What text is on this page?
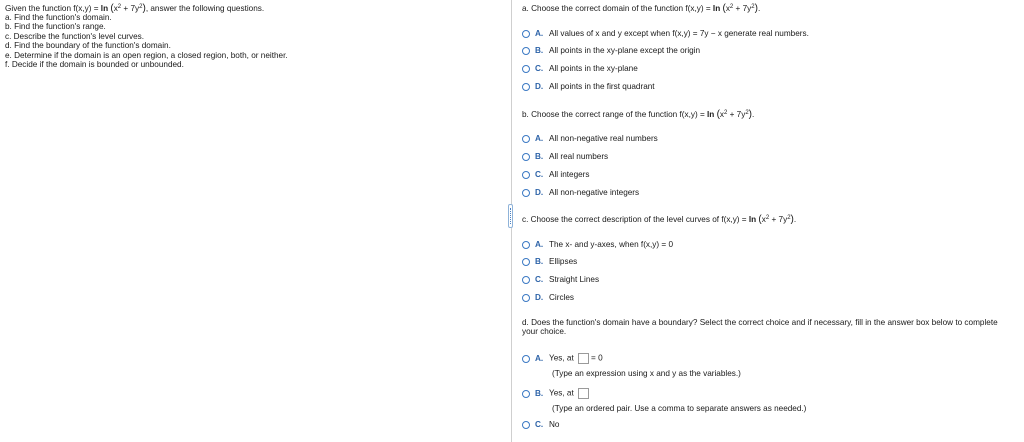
Given the function $f(x,y) = \ln (x^2 + 7y^2)$, answer the following questions.
a. Find the function's domain.
b. Find the function's range.
c. Describe the function's level curves.
d. Find the boundary of the function's domain.
e. Determine if the domain is an open region, a closed region, both, or neither.
f. Decide if the domain is bounded or unbounded.
a. Choose the correct domain of the function $f(x,y) = \ln (x^2 + 7y^2)$.
A. All values of x and y except when f(x,y) = 7y − x generate real numbers.
B. All points in the xy-plane except the origin
C. All points in the xy-plane
D. All points in the first quadrant
b. Choose the correct range of the function $f(x,y) = \ln (x^2 + 7y^2)$.
A. All non-negative real numbers
B. All real numbers
C. All integers
D. All non-negative integers
c. Choose the correct description of the level curves of $f(x,y) = \ln (x^2 + 7y^2)$.
A. The x- and y-axes, when f(x,y) = 0
B. Ellipses
C. Straight Lines
D. Circles
d. Does the function's domain have a boundary? Select the correct choice and if necessary, fill in the answer box below to complete your choice.
A. Yes, at = 0
(Type an expression using x and y as the variables.)
B. Yes, at
(Type an ordered pair. Use a comma to separate answers as needed.)
C. No
